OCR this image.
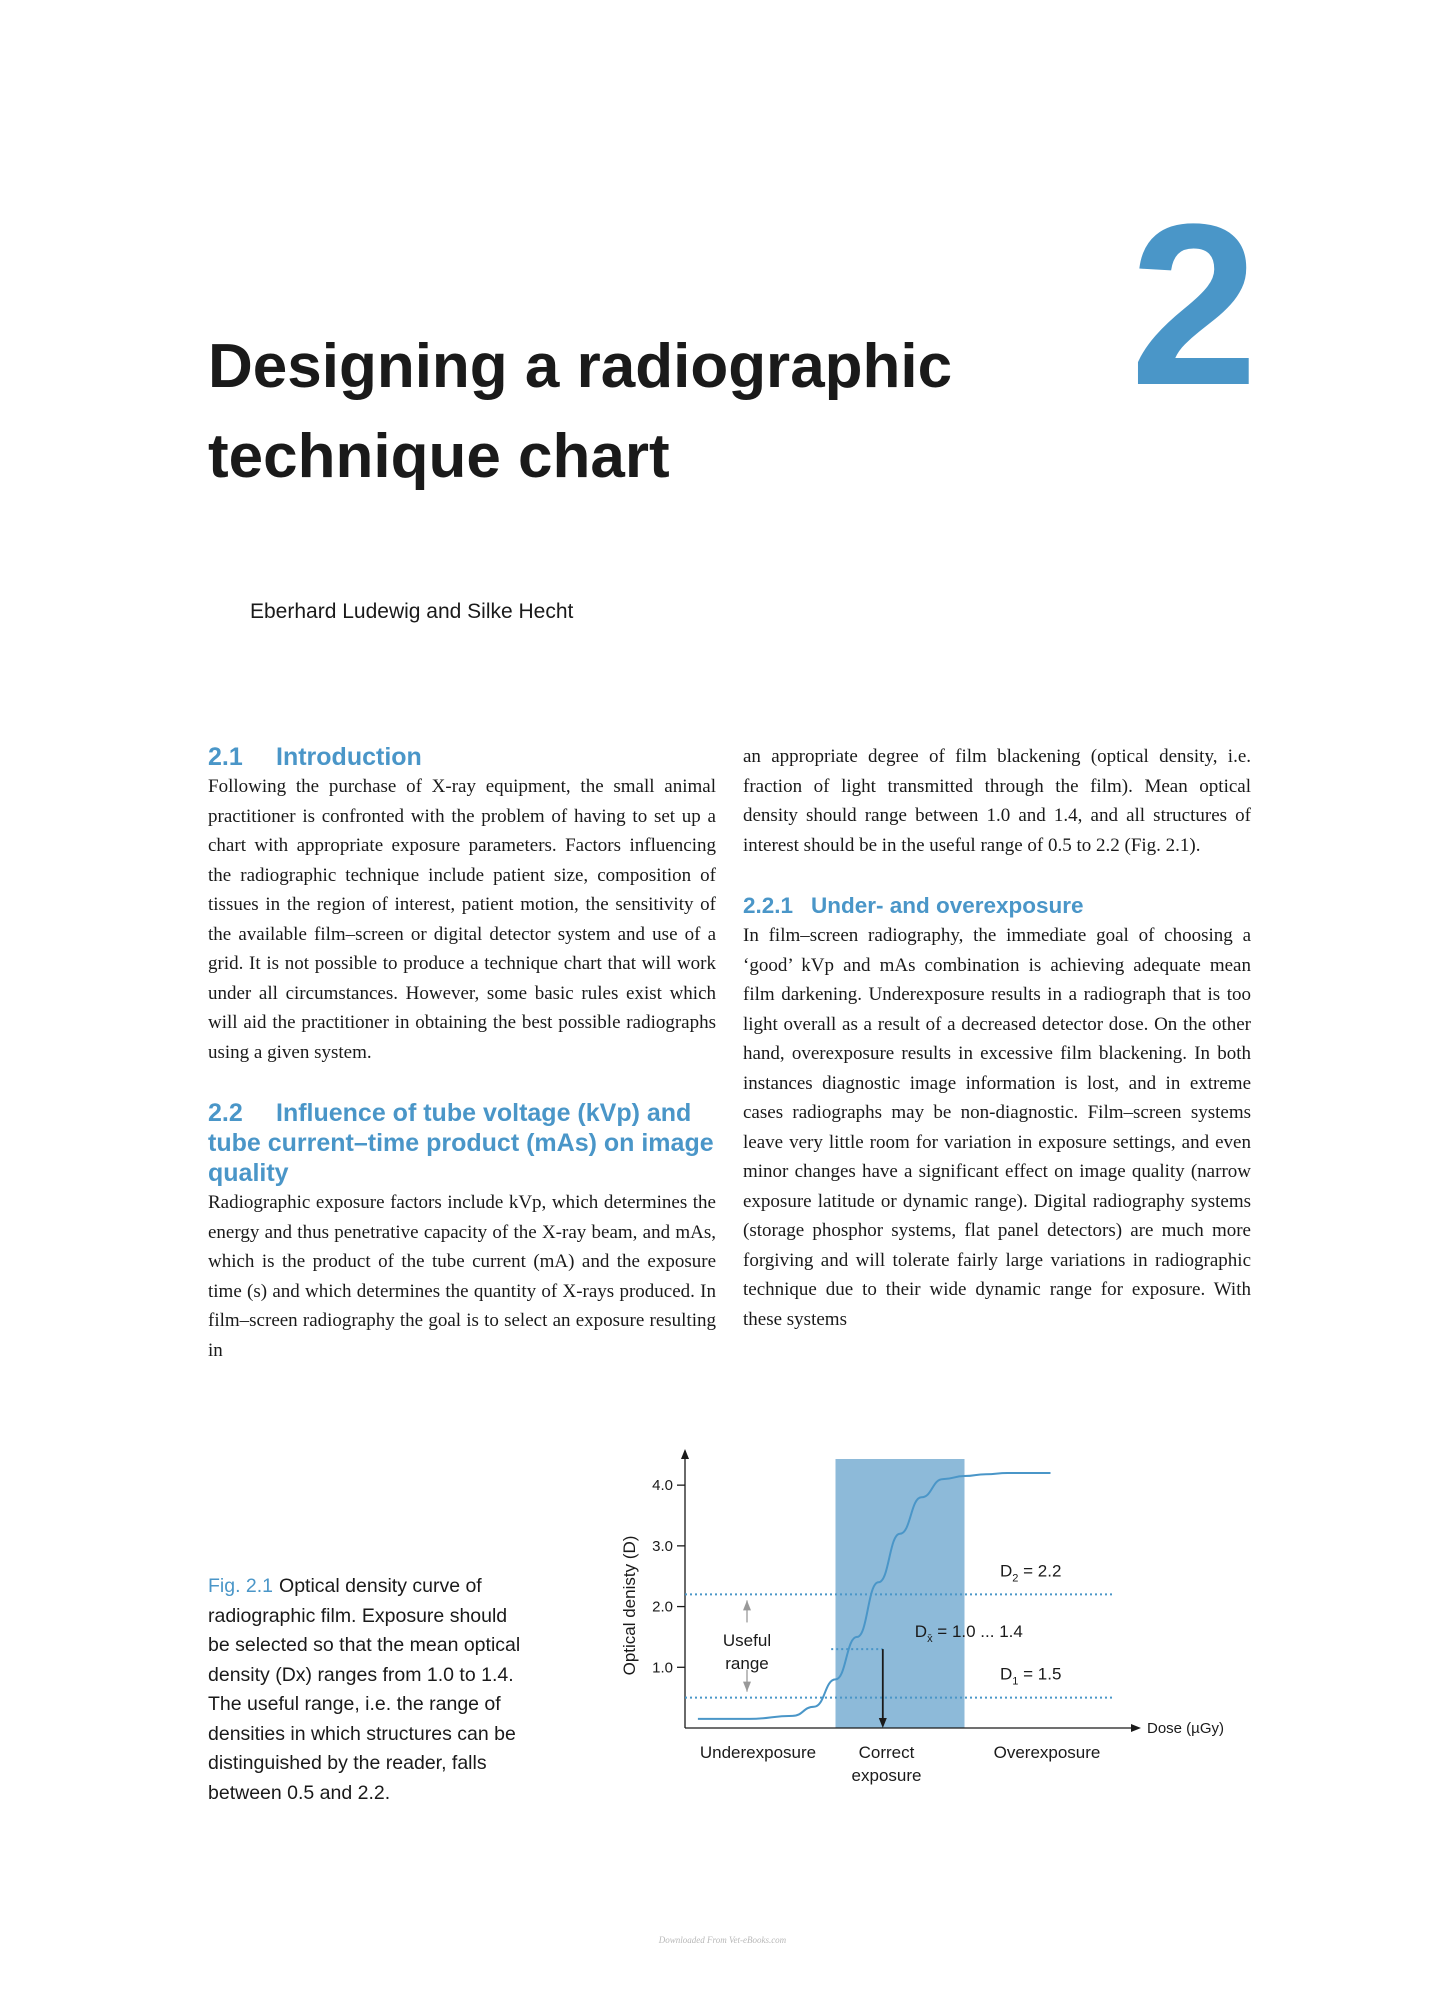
2
Designing a radiographic
technique chart
Eberhard Ludewig and Silke Hecht
2.1 Introduction

Following the purchase of X-ray equipment, the small animal practitioner is confronted with the problem of having to set up a chart with appropriate exposure parameters. Factors influencing the radiographic technique include patient size, composition of tissues in the region of interest, patient motion, the sensitivity of the available film–screen or digital detector system and use of a grid. It is not possible to produce a technique chart that will work under all circumstances. However, some basic rules exist which will aid the practitioner in obtaining the best possible radiographs using a given system.

2.2 Influence of tube voltage (kVp) and tube current–time product (mAs) on image quality

Radiographic exposure factors include kVp, which determines the energy and thus penetrative capacity of the X-ray beam, and mAs, which is the product of the tube current (mA) and the exposure time (s) and which determines the quantity of X-rays produced. In film–screen radiography the goal is to select an exposure resulting in

an appropriate degree of film blackening (optical density, i.e. fraction of light transmitted through the film). Mean optical density should range between 1.0 and 1.4, and all structures of interest should be in the useful range of 0.5 to 2.2 (Fig. 2.1).

2.2.1 Under- and overexposure

In film–screen radiography, the immediate goal of choosing a ‘good’ kVp and mAs combination is achieving adequate mean film darkening. Underexposure results in a radiograph that is too light overall as a result of a decreased detector dose. On the other hand, overexposure results in excessive film blackening. In both instances diagnostic image information is lost, and in extreme cases radiographs may be non-diagnostic. Film–screen systems leave very little room for variation in exposure settings, and even minor changes have a significant effect on image quality (narrow exposure latitude or dynamic range). Digital radiography systems (storage phosphor systems, flat panel detectors) are much more forgiving and will tolerate fairly large variations in radiographic technique due to their wide dynamic range for exposure. With these systems

Fig. 2.1 Optical density curve of radiographic film. Exposure should be selected so that the mean optical density (Dx) ranges from 1.0 to 1.4. The useful range, i.e. the range of densities in which structures can be distinguished by the reader, falls between 0.5 and 2.2.
1.0
2.0
3.0
4.0
Optical denisty (D)
Dose (µGy)
$D_2 = 2.2$
$D_1 = 1.5$
$D_{x̄} = 1.0$ ... 1.4
Useful
range
Underexposure	Correct
exposure
Overexposure
Downloaded From Vet-eBooks.com
